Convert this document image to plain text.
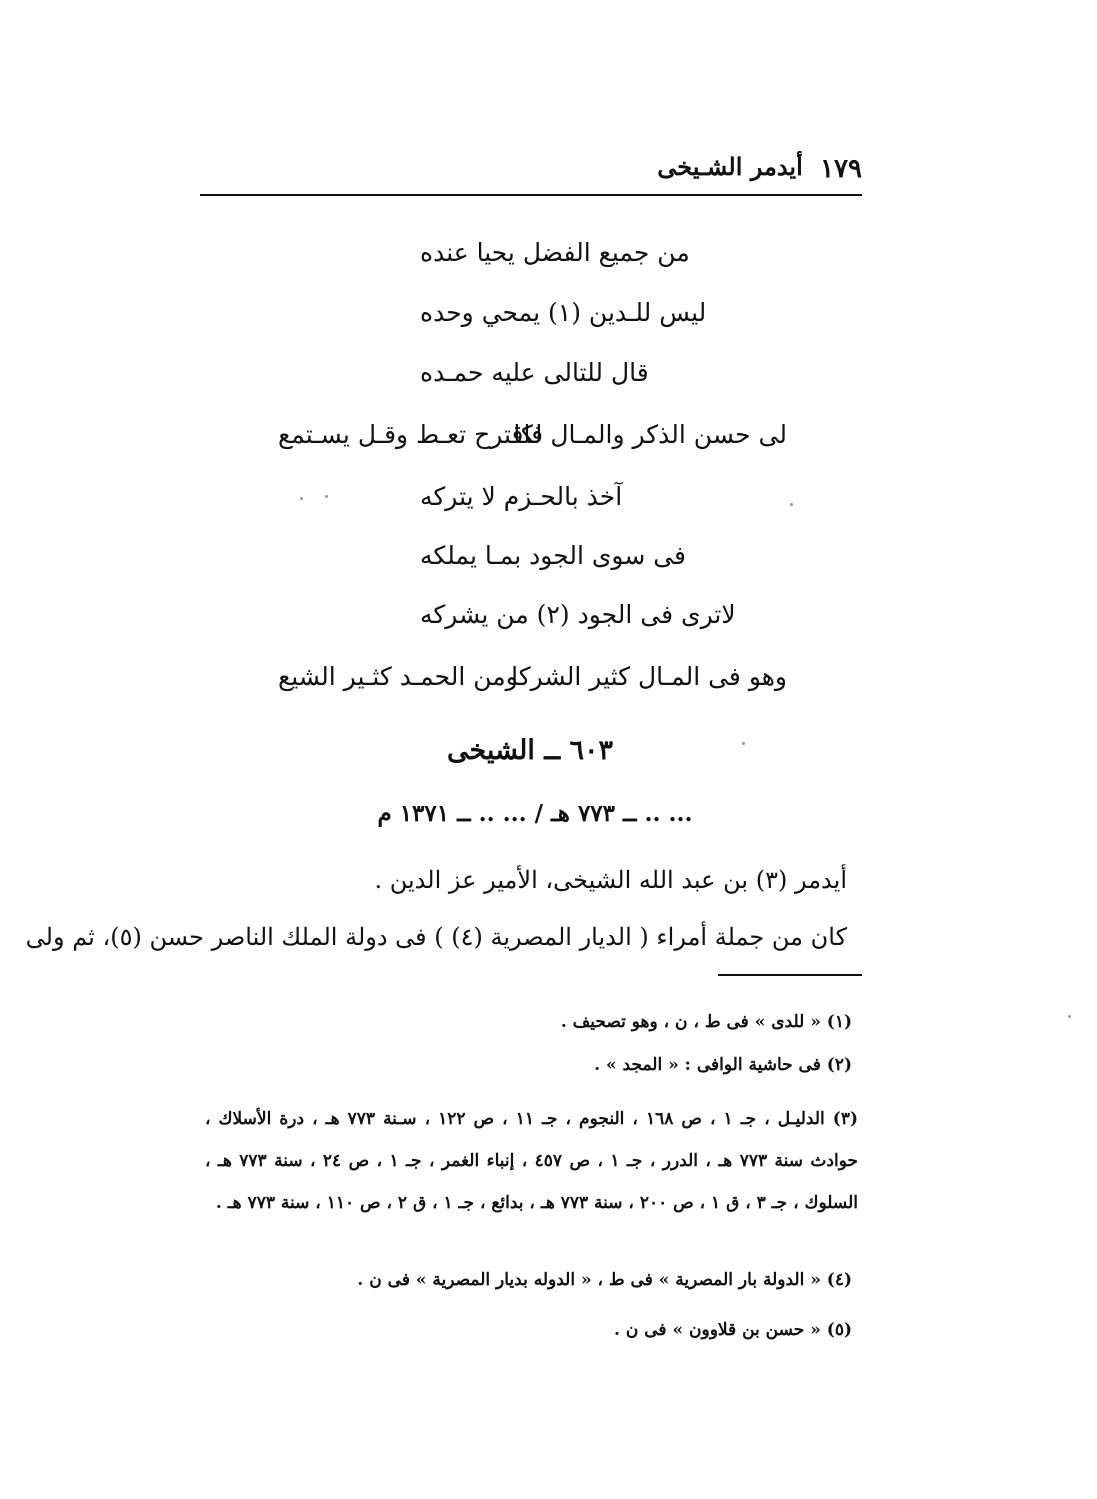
١٧٩
أيدمر الشـيخى
من جميع الفضل يحيا عنده
ليس للـدين (١) يمحي وحده
قال للتالى عليه حمـده
لى حسن الذكر والمـال لكا
فاقترح تعـط وقـل يسـتمع
آخذ بالحـزم لا يتركه
فى سوى الجود بمـا يملكه
لاترى فى الجود (٢) من يشركه
وهو فى المـال كثير الشركا
ومن الحمـد كثـير الشيع
٦٠٣ ــ الشيخى
... .. ــ ٧٧٣ هـ / ... .. ــ ١٣٧١ م
أيدمر (٣) بن عبد الله الشيخى، الأمير عز الدين .
كان من جملة أمراء ( الديار المصرية (٤) ) فى دولة الملك الناصر حسن (٥)، ثم ولى
(١) « للدى » فى ط ، ن ، وهو تصحيف .
(٢) فى حاشية الوافى : « المجد » .
(٣) الدليـل ، جـ ١ ، ص ١٦٨ ، النجوم ، جـ ١١ ، ص ١٢٢ ، سـنة ٧٧٣ هـ ، درة الأسلاك ، حوادث سنة ٧٧٣ هـ ، الدرر ، جـ ١ ، ص ٤٥٧ ، إنباء الغمر ، جـ ١ ، ص ٢٤ ، سنة ٧٧٣ هـ ، السلوك ، جـ ٣ ، ق ١ ، ص ٢٠٠ ، سنة ٧٧٣ هـ ، بدائع ، جـ ١ ، ق ٢ ، ص ١١٠ ، سنة ٧٧٣ هـ .
(٤) « الدولة بار المصرية » فى ط ، « الدوله بديار المصرية » فى ن .
(٥) « حسن بن قلاوون » فى ن .
